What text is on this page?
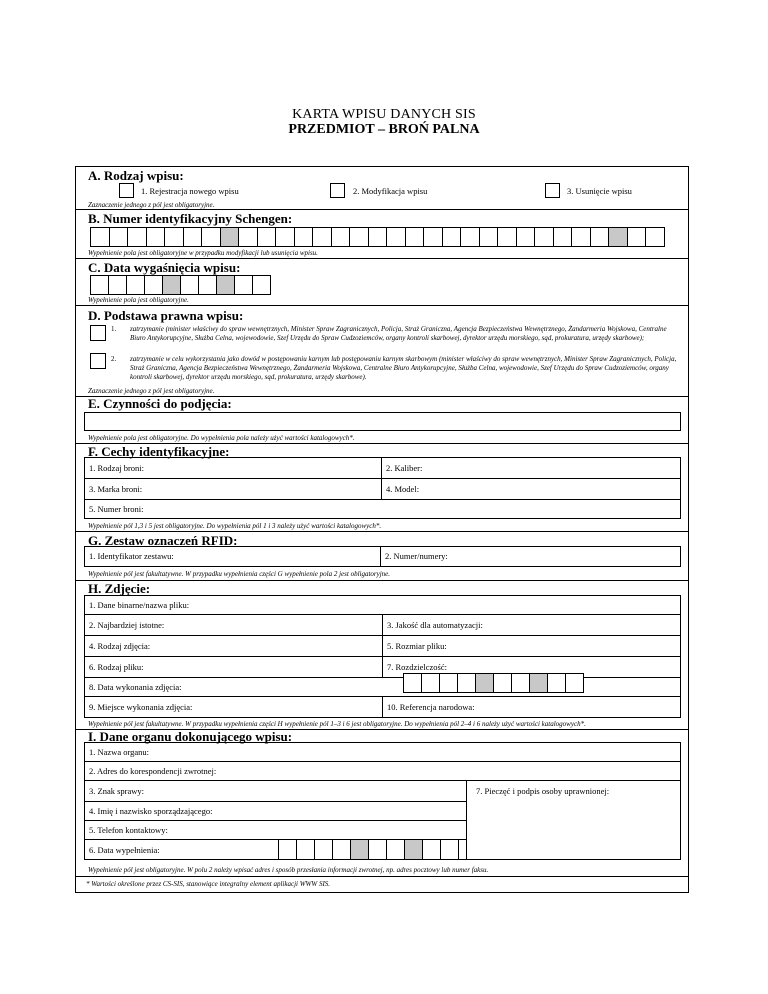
KARTA WPISU DANYCH SIS
PRZEDMIOT – BROŃ PALNA
A. Rodzaj wpisu:
1. Rejestracja nowego wpisu	2. Modyfikacja wpisu	3. Usunięcie wpisu
Zaznaczenie jednego z pól jest obligatoryjne.
B. Numer identyfikacyjny Schengen:
Wypełnienie pola jest obligatoryjne w przypadku modyfikacji lub usunięcia wpisu.
C. Data wygaśnięcia wpisu:
Wypełnienie pola jest obligatoryjne.
D. Podstawa prawna wpisu:
1. zatrzymanie (minister właściwy do spraw wewnętrznych, Minister Spraw Zagranicznych, Policja, Straż Graniczna, Agencja Bezpieczeństwa Wewnętrznego, Żandarmeria Wojskowa, Centralne Biuro Antykorupcyjne, Służba Celna, wojewodowie, Szef Urzędu do Spraw Cudzoziemców, organy kontroli skarbowej, dyrektor urzędu morskiego, sąd, prokuratura, urzędy skarbowe);
2. zatrzymanie w celu wykorzystania jako dowód w postępowaniu karnym lub postępowaniu karnym skarbowym (minister właściwy do spraw wewnętrznych, Minister Spraw Zagranicznych, Policja, Straż Graniczna, Agencja Bezpieczeństwa Wewnętrznego, Żandarmeria Wojskowa, Centralne Biuro Antykorupcyjne, Służba Celna, wojewodowie, Szef Urzędu do Spraw Cudzoziemców, organy kontroli skarbowej, dyrektor urzędu morskiego, sąd, prokuratura, urzędy skarbowe).
Zaznaczenie jednego z pól jest obligatoryjne.
E. Czynności do podjęcia:
Wypełnienie pola jest obligatoryjne. Do wypełnienia pola należy użyć wartości katalogowych*.
F. Cechy identyfikacyjne:
1. Rodzaj broni:	2. Kaliber:
3. Marka broni:	4. Model:
5. Numer broni:
Wypełnienie pól 1,3 i 5 jest obligatoryjne. Do wypełnienia pól 1 i 3 należy użyć wartości katalogowych*.
G. Zestaw oznaczeń RFID:
1. Identyfikator zestawu:	2. Numer/numery:
Wypełnienie pól jest fakultatywne. W przypadku wypełnienia części G wypełnienie pola 2 jest obligatoryjne.
H. Zdjęcie:
1. Dane binarne/nazwa pliku:
2. Najbardziej istotne:	3. Jakość dla automatyzacji:
4. Rodzaj zdjęcia:	5. Rozmiar pliku:
6. Rodzaj pliku:	7. Rozdzielczość:
8. Data wykonania zdjęcia:
9. Miejsce wykonania zdjęcia:	10. Referencja narodowa:
Wypełnienie pól jest fakultatywne. W przypadku wypełnienia części H wypełnienie pól 1–3 i 6 jest obligatoryjne. Do wypełnienia pól 2–4 i 6 należy użyć wartości katalogowych*.
I. Dane organu dokonującego wpisu:
1. Nazwa organu:
2. Adres do korespondencji zwrotnej:
3. Znak sprawy:	7. Pieczęć i podpis osoby uprawnionej:
4. Imię i nazwisko sporządzającego:
5. Telefon kontaktowy:
6. Data wypełnienia:
Wypełnienie pól jest obligatoryjne. W polu 2 należy wpisać adres i sposób przesłania informacji zwrotnej, np. adres pocztowy lub numer faksu.
* Wartości określone przez CS-SIS, stanowiące integralny element aplikacji WWW SIS.
